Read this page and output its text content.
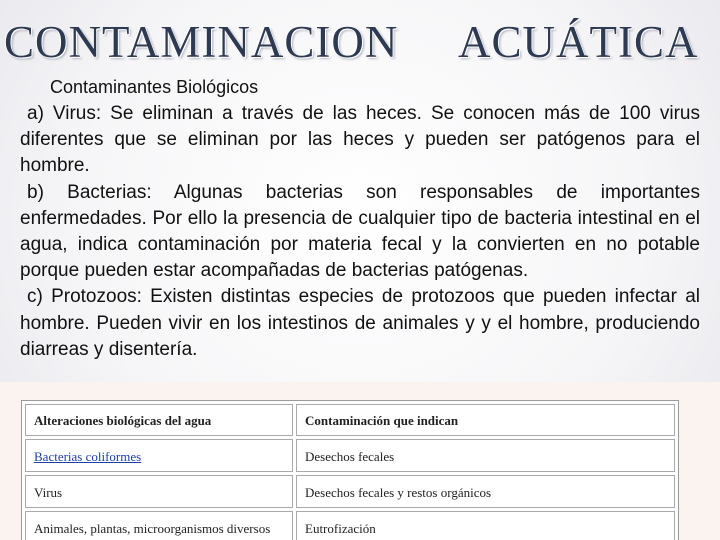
CONTAMINACION ACUÁTICA
Contaminantes Biológicos

a) Virus: Se eliminan a través de las heces. Se conocen más de 100 virus diferentes que se eliminan por las heces y pueden ser patógenos para el hombre.

b) Bacterias: Algunas bacterias son responsables de importantes enfermedades. Por ello la presencia de cualquier tipo de bacteria intestinal en el agua, indica contaminación por materia fecal y la convierten en no potable porque pueden estar acompañadas de bacterias patógenas.

c) Protozoos: Existen distintas especies de protozoos que pueden infectar al hombre. Pueden vivir en los intestinos de animales y y el hombre, produciendo diarreas y disentería.

Alteraciones biológicas del agua	Contaminación que indican
Bacterias coliformes	Desechos fecales
Virus	Desechos fecales y restos orgánicos
Animales, plantas, microorganismos diversos	Eutrofización
